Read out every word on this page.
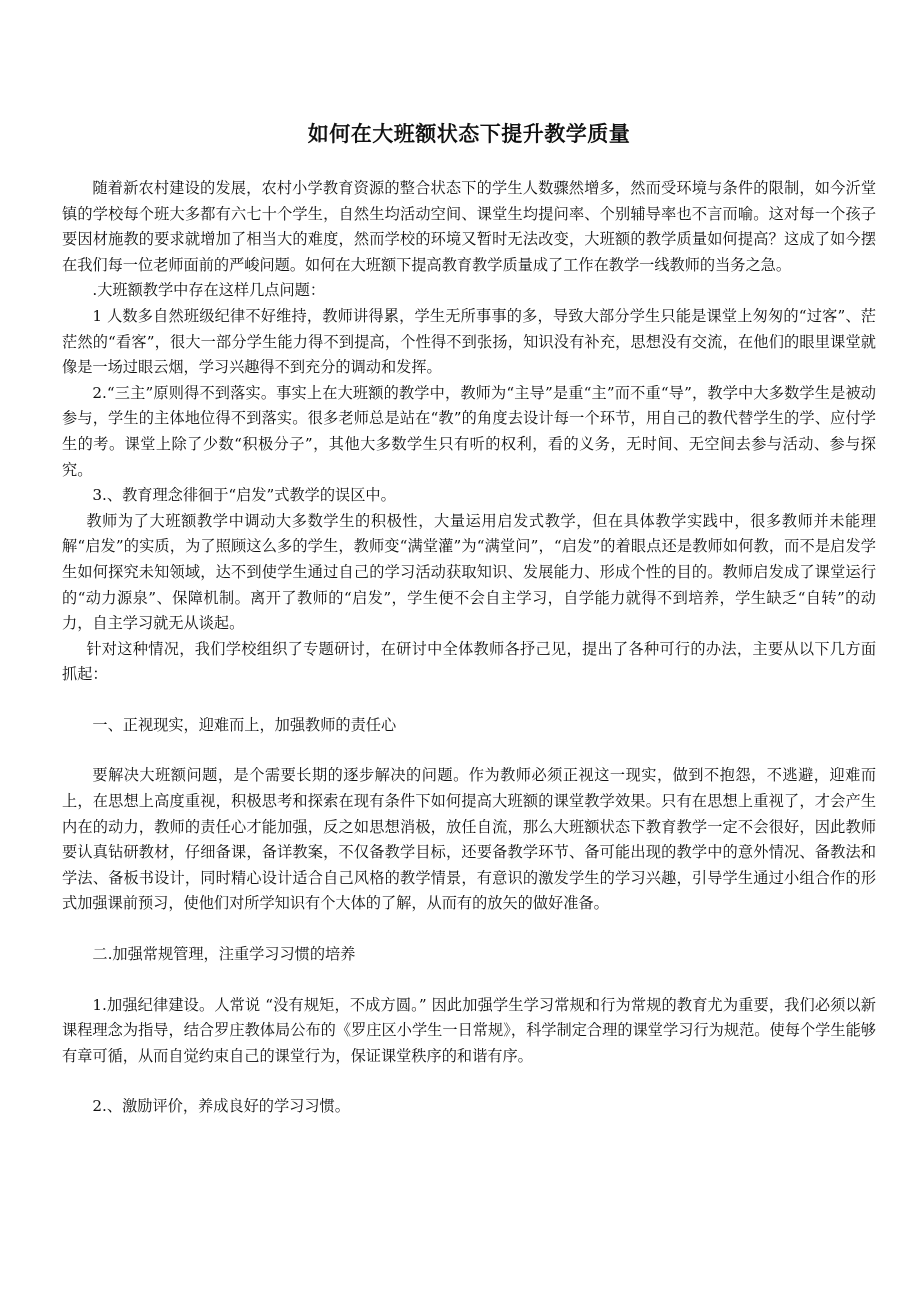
如何在大班额状态下提升教学质量

随着新农村建设的发展，农村小学教育资源的整合状态下的学生人数骤然增多，然而受环境与条件的限制，如今沂堂镇的学校每个班大多都有六七十个学生，自然生均活动空间、课堂生均提问率、个别辅导率也不言而喻。这对每一个孩子要因材施教的要求就增加了相当大的难度，然而学校的环境又暂时无法改变，大班额的教学质量如何提高？这成了如今摆在我们每一位老师面前的严峻问题。如何在大班额下提高教育教学质量成了工作在教学一线教师的当务之急。

.大班额教学中存在这样几点问题：

1 人数多自然班级纪律不好维持，教师讲得累，学生无所事事的多，导致大部分学生只能是课堂上匆匆的“过客”、茫茫然的“看客”，很大一部分学生能力得不到提高，个性得不到张扬，知识没有补充，思想没有交流，在他们的眼里课堂就像是一场过眼云烟，学习兴趣得不到充分的调动和发挥。

2.“三主”原则得不到落实。事实上在大班额的教学中，教师为“主导”是重“主”而不重“导”，教学中大多数学生是被动参与，学生的主体地位得不到落实。很多老师总是站在“教”的角度去设计每一个环节，用自己的教代替学生的学、应付学生的考。课堂上除了少数“积极分子”，其他大多数学生只有听的权利，看的义务，无时间、无空间去参与活动、参与探究。

3.、教育理念徘徊于“启发”式教学的误区中。

教师为了大班额教学中调动大多数学生的积极性，大量运用启发式教学，但在具体教学实践中，很多教师并未能理解“启发”的实质，为了照顾这么多的学生，教师变“满堂灌”为“满堂问”，“启发”的着眼点还是教师如何教，而不是启发学生如何探究未知领域，达不到使学生通过自己的学习活动获取知识、发展能力、形成个性的目的。教师启发成了课堂运行的“动力源泉”、保障机制。离开了教师的“启发”，学生便不会自主学习，自学能力就得不到培养，学生缺乏“自转”的动力，自主学习就无从谈起。

针对这种情况，我们学校组织了专题研讨，在研讨中全体教师各抒己见，提出了各种可行的办法，主要从以下几方面抓起：

一、正视现实，迎难而上，加强教师的责任心

要解决大班额问题，是个需要长期的逐步解决的问题。作为教师必须正视这一现实，做到不抱怨，不逃避，迎难而上，在思想上高度重视，积极思考和探索在现有条件下如何提高大班额的课堂教学效果。只有在思想上重视了，才会产生内在的动力，教师的责任心才能加强，反之如思想消极，放任自流，那么大班额状态下教育教学一定不会很好，因此教师要认真钻研教材，仔细备课，备详教案，不仅备教学目标，还要备教学环节、备可能出现的教学中的意外情况、备教法和学法、备板书设计，同时精心设计适合自己风格的教学情景，有意识的激发学生的学习兴趣，引导学生通过小组合作的形式加强课前预习，使他们对所学知识有个大体的了解，从而有的放矢的做好准备。

二.加强常规管理，注重学习习惯的培养

1.加强纪律建设。人常说 “没有规矩，不成方圆。” 因此加强学生学习常规和行为常规的教育尤为重要，我们必须以新课程理念为指导，结合罗庄教体局公布的《罗庄区小学生一日常规》，科学制定合理的课堂学习行为规范。使每个学生能够有章可循，从而自觉约束自己的课堂行为，保证课堂秩序的和谐有序。

2.、激励评价，养成良好的学习习惯。
